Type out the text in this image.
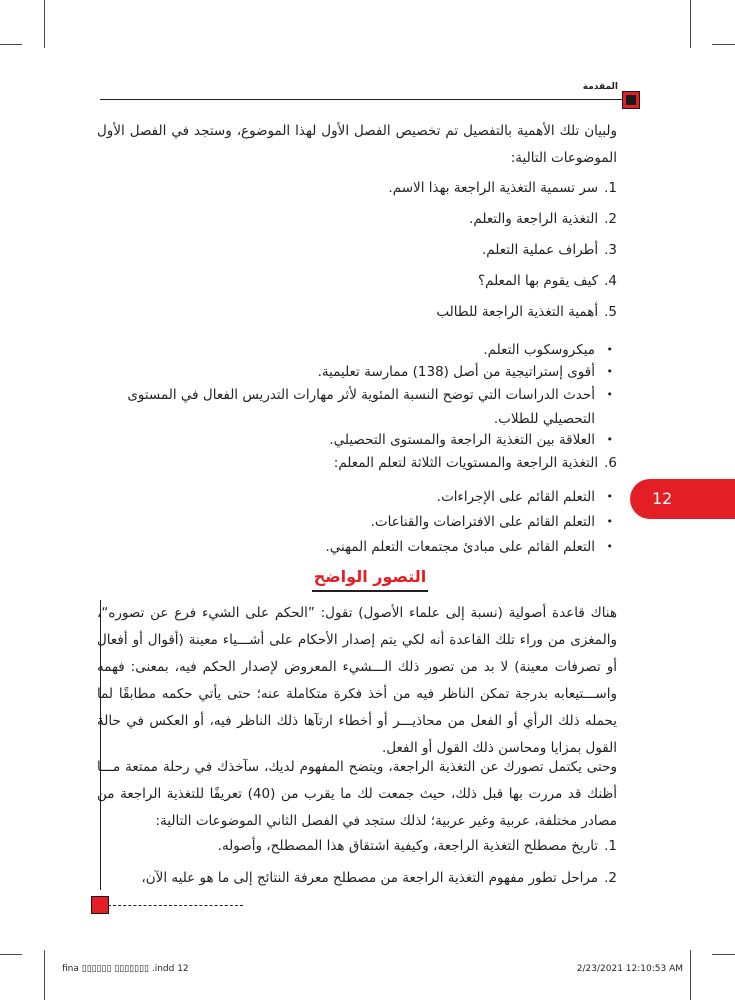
المقدمة
12
ولبيان تلك الأهمية بالتفصيل تم تخصيص الفصل الأول لهذا الموضوع، وستجد في الفصل الأول الموضوعات التالية:
1.سر تسمية التغذية الراجعة بهذا الاسم.
2.التغذية الراجعة والتعلم.
3.أطراف عملية التعلم.
4.كيف يقوم بها المعلم؟
5.أهمية التغذية الراجعة للطالب
• ميكروسكوب التعلم.
• أقوى إستراتيجية من أصل (138) ممارسة تعليمية.
• أحدث الدراسات التي توضح النسبة المئوية لأثر مهارات التدريس الفعال في المستوى التحصيلي للطلاب.
• العلاقة بين التغذية الراجعة والمستوى التحصيلي.
6.التغذية الراجعة والمستويات الثلاثة لتعلم المعلم:
• التعلم القائم على الإجراءات.
• التعلم القائم على الافتراضات والقناعات.
• التعلم القائم على مبادئ مجتمعات التعلم المهني.
التصور الواضح
هناك قاعدة أصولية (نسبة إلى علماء الأصول) تقول: ”الحكم على الشيء فرع عن تصوره“، والمغزى من وراء تلك القاعدة أنه لكي يتم إصدار الأحكام على أشـــياء معينة (أقوال أو أفعال أو تصرفات معينة) لا بد من تصور ذلك الـــشيء المعروض لإصدار الحكم فيه، بمعنى: فهمه واســـتيعابه بدرجة تمكن الناظر فيه من أخذ فكرة متكاملة عنه؛ حتى يأتي حكمه مطابقًا لما يحمله ذلك الرأي أو الفعل من محاذيـــر أو أخطاء ارتآها ذلك الناظر فيه، أو العكس في حالة القول بمزايا ومحاسن ذلك القول أو الفعل.
وحتى يكتمل تصورك عن التغذية الراجعة، ويتضح المفهوم لديك، سآخذك في رحلة ممتعة مـــا أظنك قد مررت بها قبل ذلك، حيث جمعت لك ما يقرب من (40) تعريفًا للتغذية الراجعة من مصادر مختلفة، عربية وغير عربية؛ لذلك ستجد في الفصل الثاني الموضوعات التالية:
1.تاريخ مصطلح التغذية الراجعة، وكيفية اشتقاق هذا المصطلح، وأصوله.
2.مراحل تطور مفهوم التغذية الراجعة من مصطلح معرفة النتائج إلى ما هو عليه الآن،
fina ▯▯▯▯▯▯ ▯▯▯▯▯▯▯ .indd 12	2/23/2021 12:10:53 AM
